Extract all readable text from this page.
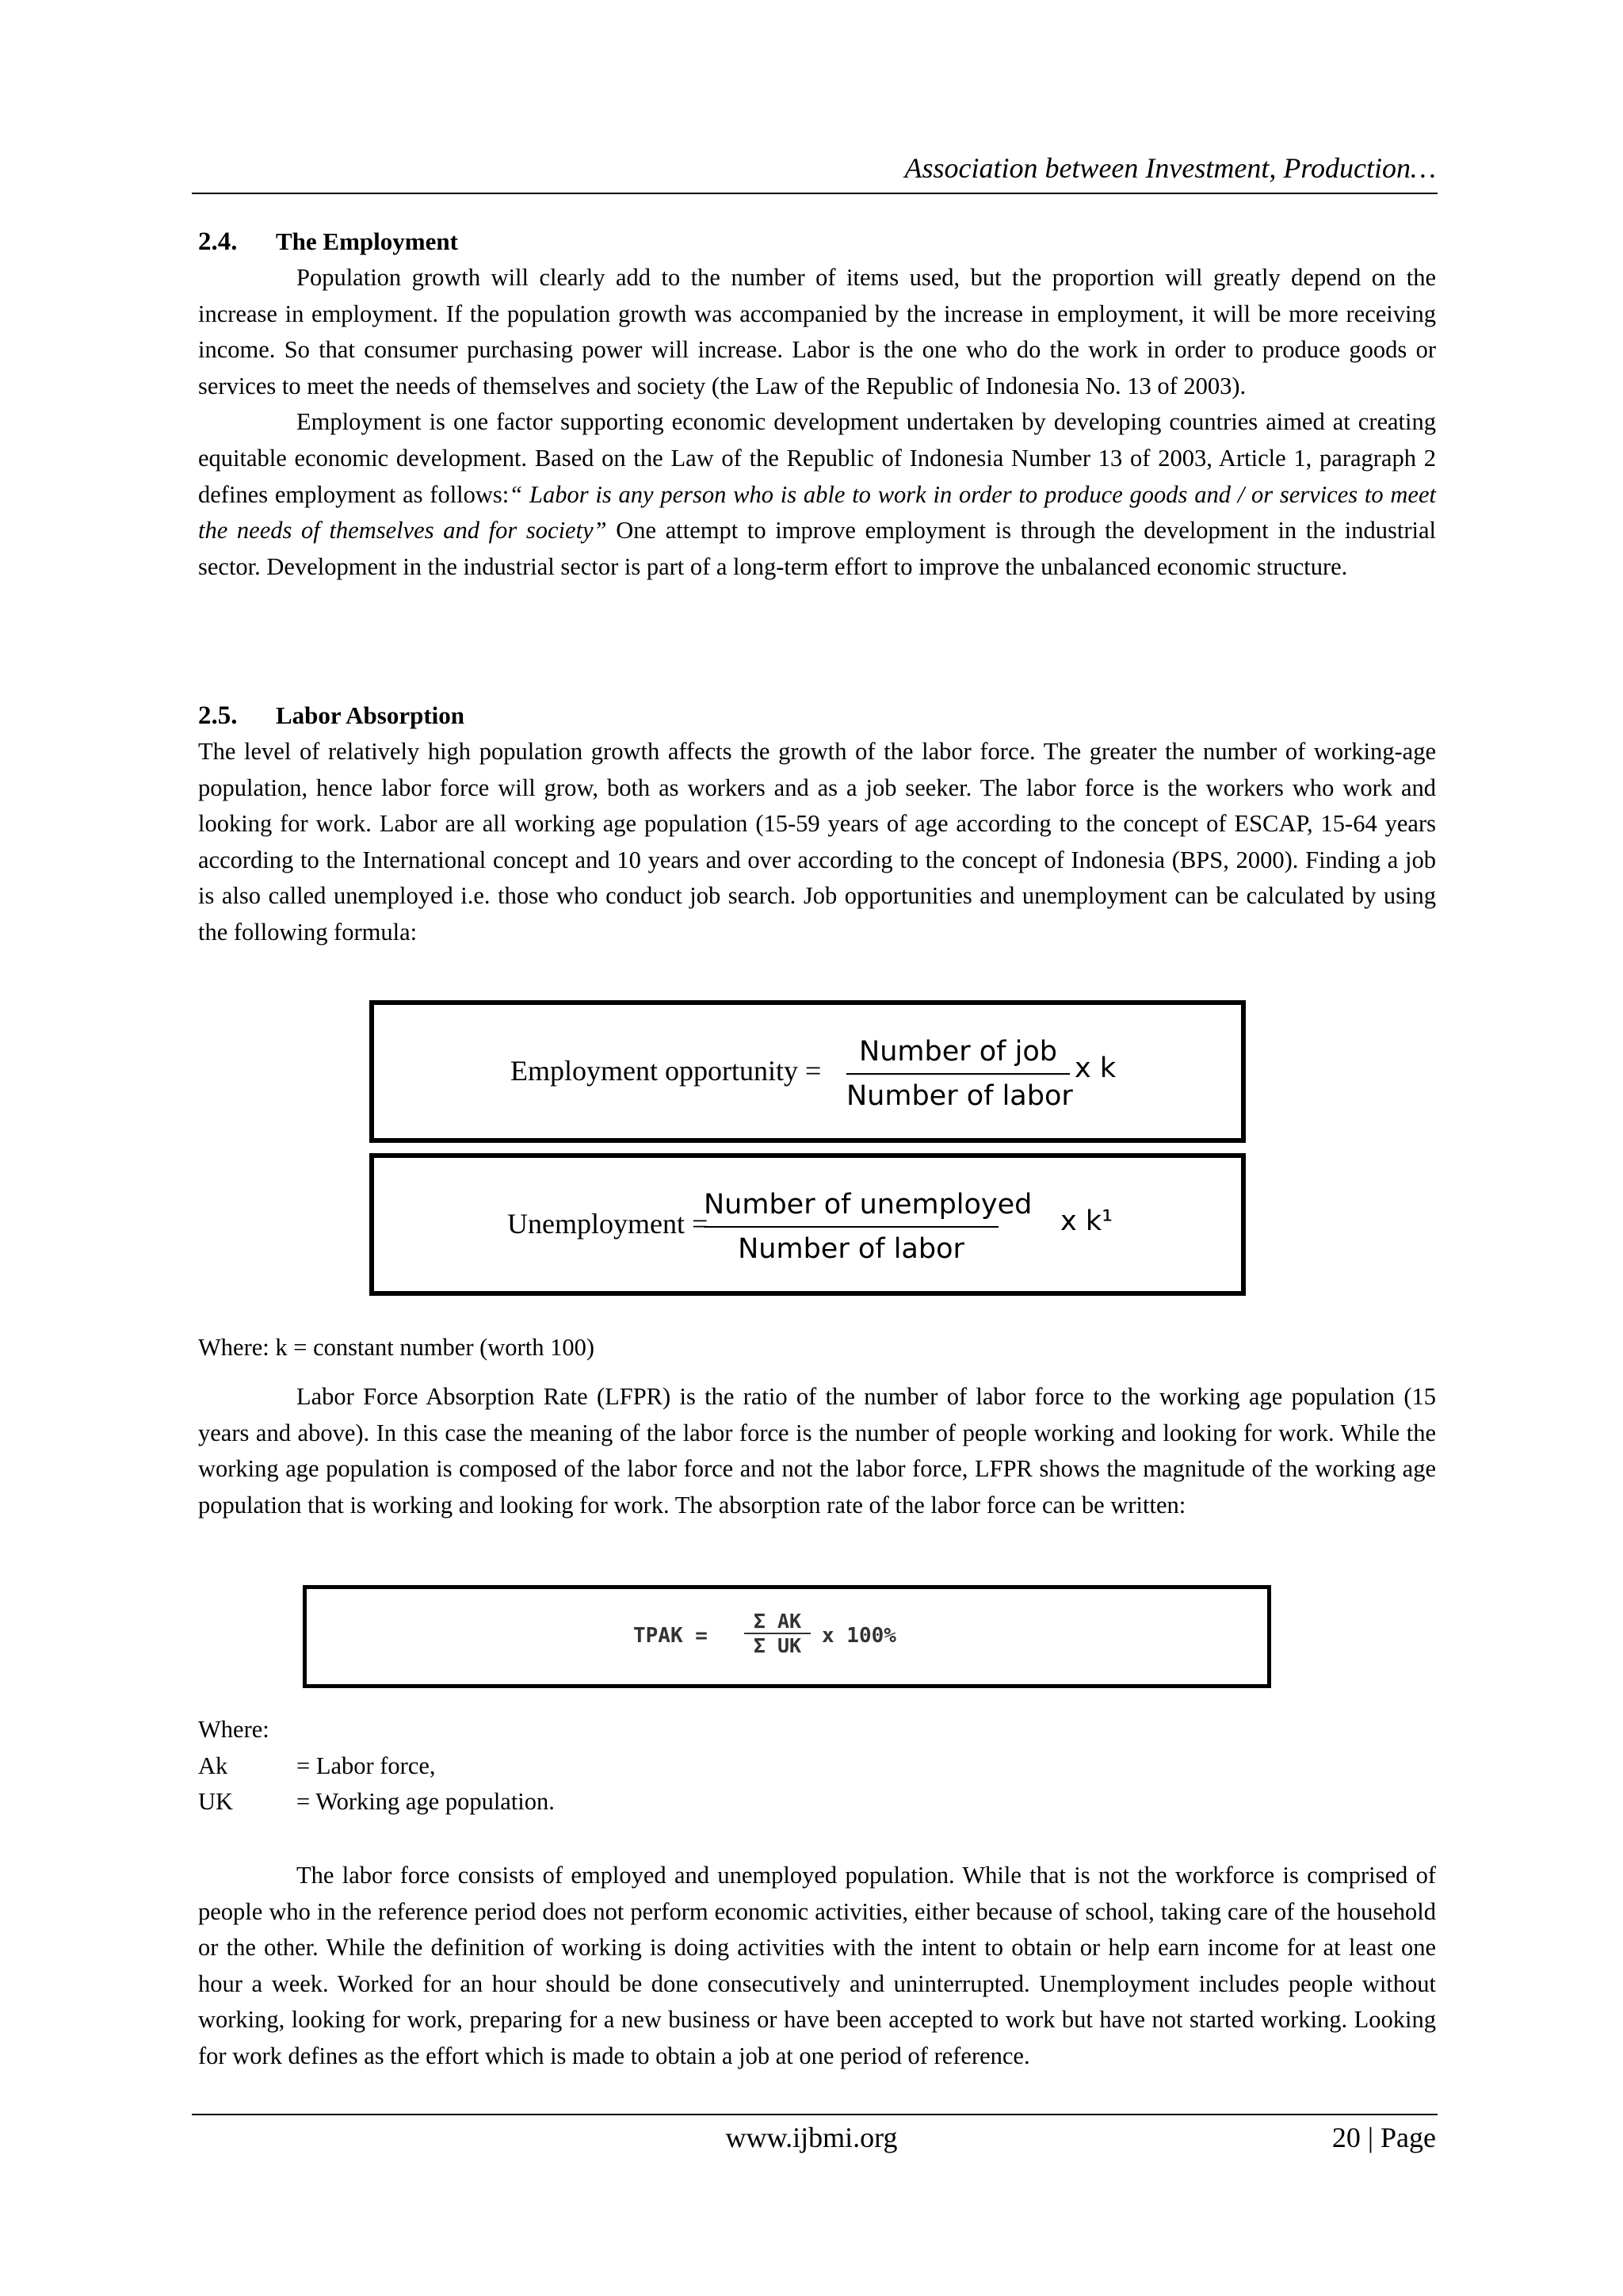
Association between Investment, Production…
2.4. The Employment

Population growth will clearly add to the number of items used, but the proportion will greatly depend on the increase in employment. If the population growth was accompanied by the increase in employment, it will be more receiving income. So that consumer purchasing power will increase. Labor is the one who do the work in order to produce goods or services to meet the needs of themselves and society (the Law of the Republic of Indonesia No. 13 of 2003).

Employment is one factor supporting economic development undertaken by developing countries aimed at creating equitable economic development. Based on the Law of the Republic of Indonesia Number 13 of 2003, Article 1, paragraph 2 defines employment as follows:“ Labor is any person who is able to work in order to produce goods and / or services to meet the needs of themselves and for society” One attempt to improve employment is through the development in the industrial sector. Development in the industrial sector is part of a long-term effort to improve the unbalanced economic structure.

2.5. Labor Absorption

The level of relatively high population growth affects the growth of the labor force. The greater the number of working-age population, hence labor force will grow, both as workers and as a job seeker. The labor force is the workers who work and looking for work. Labor are all working age population (15-59 years of age according to the concept of ESCAP, 15-64 years according to the International concept and 10 years and over according to the concept of Indonesia (BPS, 2000). Finding a job is also called unemployed i.e. those who conduct job search. Job opportunities and unemployment can be calculated by using the following formula:

Employment opportunity =
Number of job
Number of labor
x k
Unemployment =
Number of unemployed
Number of labor
x k¹
Where: k = constant number (worth 100)

Labor Force Absorption Rate (LFPR) is the ratio of the number of labor force to the working age population (15 years and above). In this case the meaning of the labor force is the number of people working and looking for work. While the working age population is composed of the labor force and not the labor force, LFPR shows the magnitude of the working age population that is working and looking for work. The absorption rate of the labor force can be written:

TPAK =
Σ AK
Σ UK x 100%
Where:
Ak	= Labor force,
UK	= Working age population.

The labor force consists of employed and unemployed population. While that is not the workforce is comprised of people who in the reference period does not perform economic activities, either because of school, taking care of the household or the other. While the definition of working is doing activities with the intent to obtain or help earn income for at least one hour a week. Worked for an hour should be done consecutively and uninterrupted. Unemployment includes people without working, looking for work, preparing for a new business or have been accepted to work but have not started working. Looking for work defines as the effort which is made to obtain a job at one period of reference.

www.ijbmi.org	20 | Page
